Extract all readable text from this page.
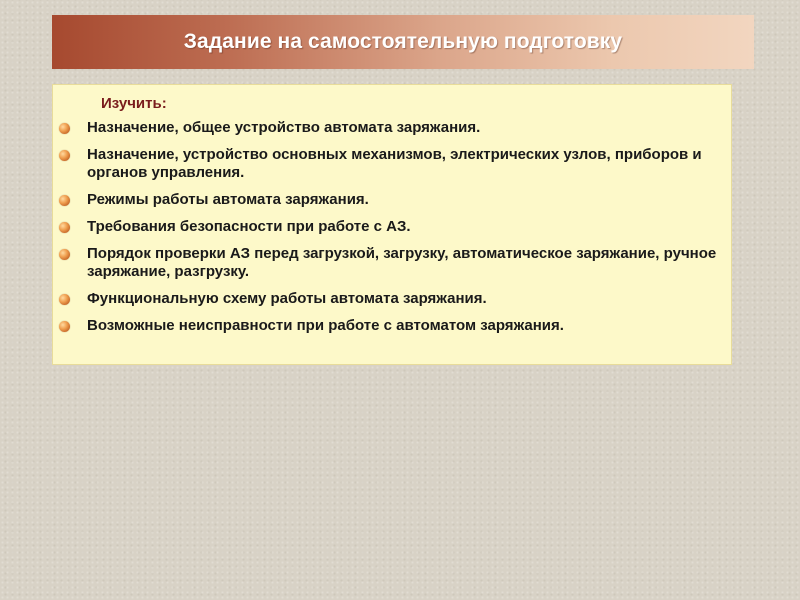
Задание на самостоятельную подготовку
Изучить:
Назначение, общее устройство автомата заряжания.
Назначение, устройство основных механизмов, электрических узлов, приборов и органов управления.
Режимы работы автомата заряжания.
Требования безопасности при работе с АЗ.
Порядок проверки АЗ перед загрузкой, загрузку, автоматическое заряжание, ручное заряжание, разгрузку.
Функциональную схему работы автомата заряжания.
Возможные неисправности при работе с автоматом заряжания.
